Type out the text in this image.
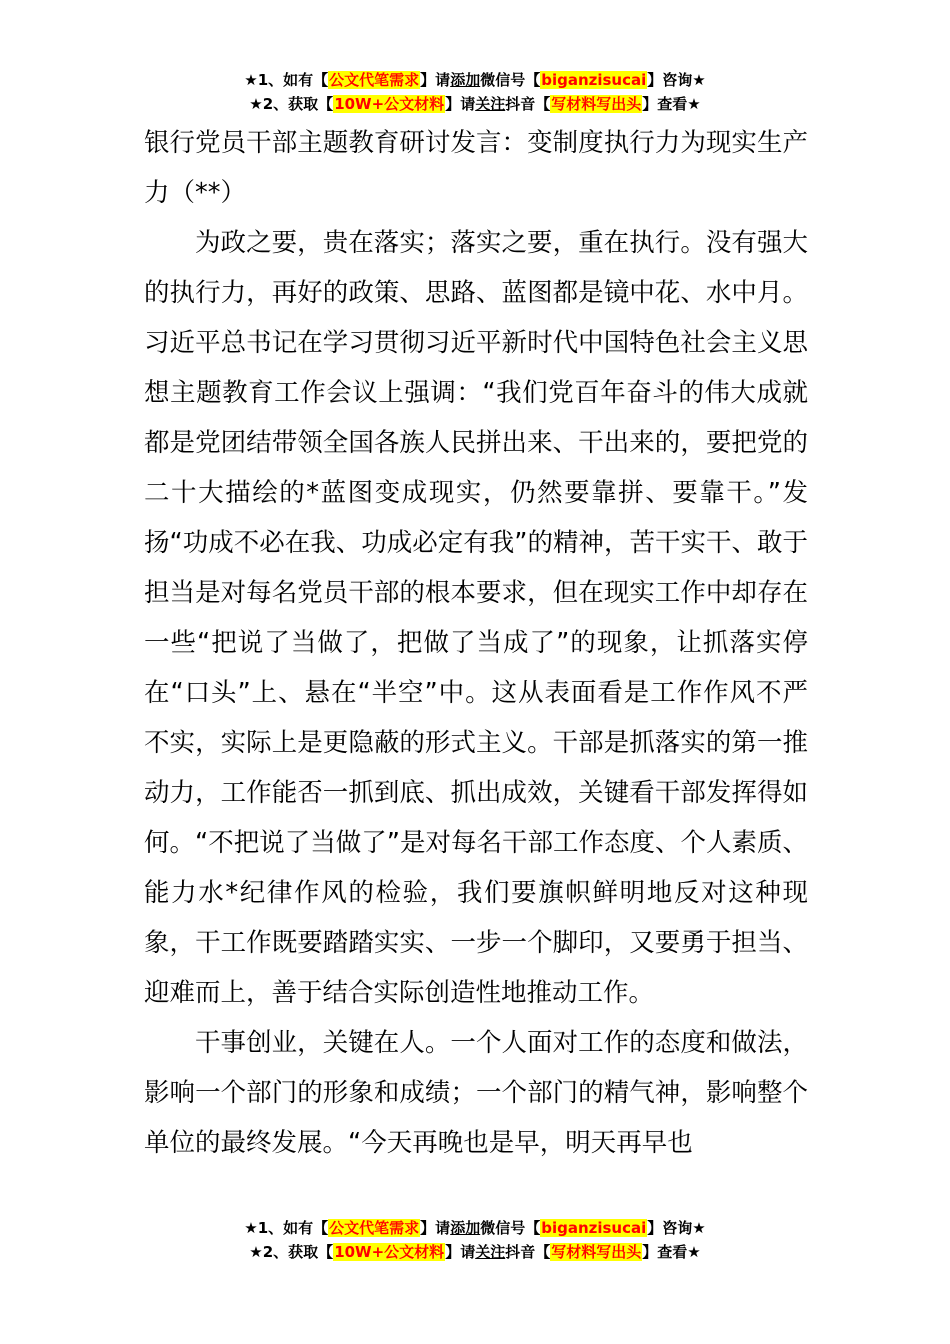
★1、如有【公文代笔需求】请添加微信号【biganzisucai】咨询★
★2、获取【10W+公文材料】请关注抖音【写材料写出头】查看★

银行党员干部主题教育研讨发言：变制度执行力为现实生产力（**）

为政之要，贵在落实；落实之要，重在执行。没有强大的执行力，再好的政策、思路、蓝图都是镜中花、水中月。习近平总书记在学习贯彻习近平新时代中国特色社会主义思想主题教育工作会议上强调：“我们党百年奋斗的伟大成就都是党团结带领全国各族人民拼出来、干出来的，要把党的二十大描绘的*蓝图变成现实，仍然要靠拼、要靠干。”发扬“功成不必在我、功成必定有我”的精神，苦干实干、敢于担当是对每名党员干部的根本要求，但在现实工作中却存在一些“把说了当做了，把做了当成了”的现象，让抓落实停在“口头”上、悬在“半空”中。这从表面看是工作作风不严不实，实际上是更隐蔽的形式主义。干部是抓落实的第一推动力，工作能否一抓到底、抓出成效，关键看干部发挥得如何。“不把说了当做了”是对每名干部工作态度、个人素质、能力水*纪律作风的检验，我们要旗帜鲜明地反对这种现象，干工作既要踏踏实实、一步一个脚印，又要勇于担当、迎难而上，善于结合实际创造性地推动工作。

干事创业，关键在人。一个人面对工作的态度和做法，影响一个部门的形象和成绩；一个部门的精气神，影响整个单位的最终发展。“今天再晚也是早，明天再早也

★1、如有【公文代笔需求】请添加微信号【biganzisucai】咨询★
★2、获取【10W+公文材料】请关注抖音【写材料写出头】查看★
